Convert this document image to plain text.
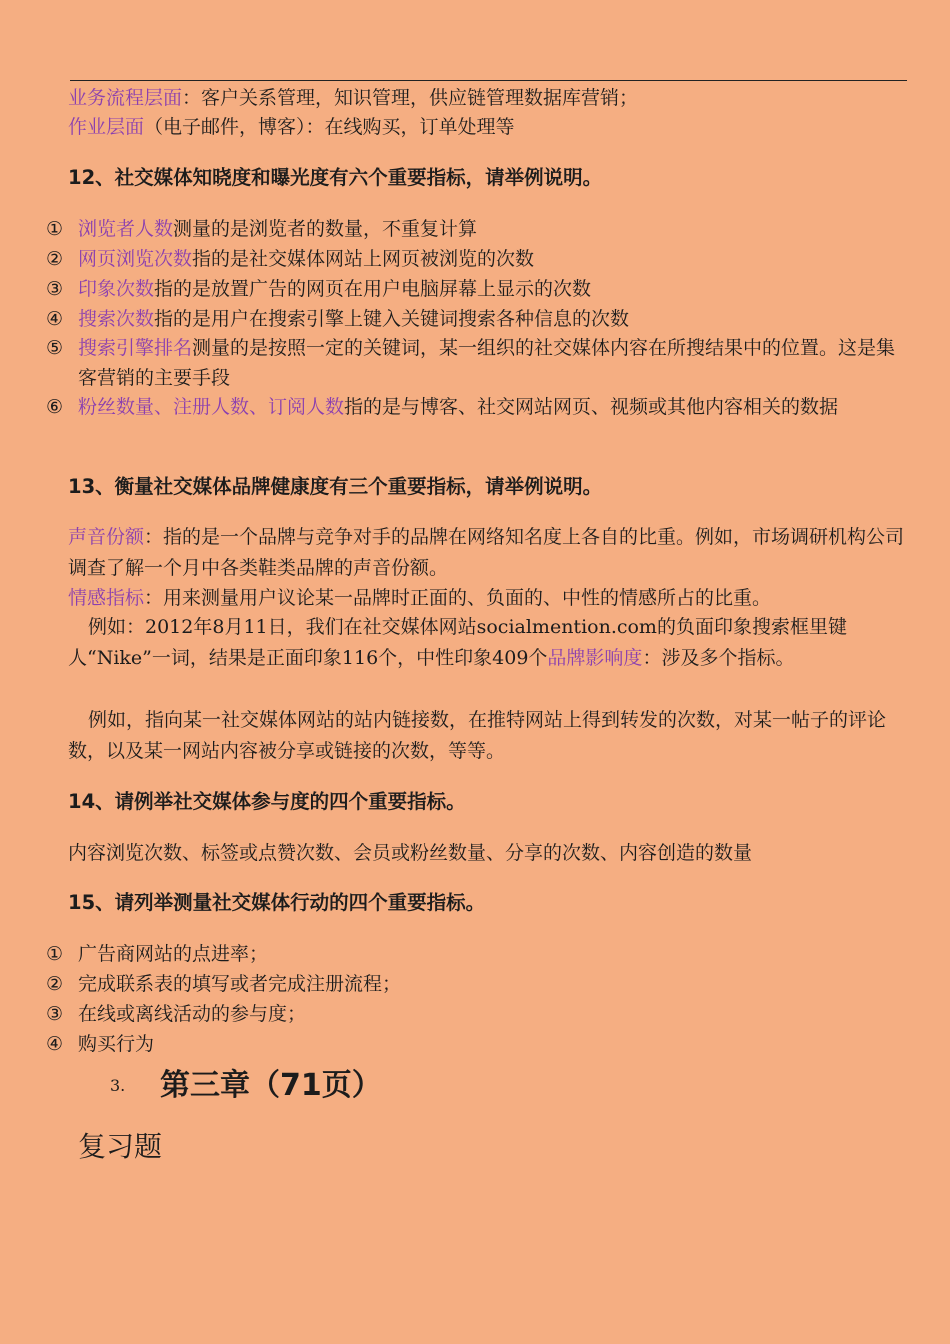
业务流程层面：客户关系管理，知识管理，供应链管理数据库营销；
作业层面（电子邮件，博客）：在线购买，订单处理等
12、社交媒体知晓度和曝光度有六个重要指标，请举例说明。
① 浏览者人数测量的是浏览者的数量，不重复计算
② 网页浏览次数指的是社交媒体网站上网页被浏览的次数
③ 印象次数指的是放置广告的网页在用户电脑屏幕上显示的次数
④ 搜索次数指的是用户在搜索引擎上键入关键词搜索各种信息的次数
⑤ 搜索引擎排名测量的是按照一定的关键词，某一组织的社交媒体内容在所搜结果中的位置。这是集客营销的主要手段
⑥ 粉丝数量、注册人数、订阅人数指的是与博客、社交网站网页、视频或其他内容相关的数据
13、衡量社交媒体品牌健康度有三个重要指标，请举例说明。
声音份额：指的是一个品牌与竞争对手的品牌在网络知名度上各自的比重。例如，市场调研机构公司调查了解一个月中各类鞋类品牌的声音份额。
情感指标：用来测量用户议论某一品牌时正面的、负面的、中性的情感所占的比重。
例如：2012年8月11日，我们在社交媒体网站socialmention.com的负面印象搜索框里键人“Nike”一词，结果是正面印象116个，中性印象409个品牌影响度：涉及多个指标。
例如，指向某一社交媒体网站的站内链接数，在推特网站上得到转发的次数，对某一帖子的评论数，以及某一网站内容被分享或链接的次数，等等。
14、请例举社交媒体参与度的四个重要指标。
内容浏览次数、标签或点赞次数、会员或粉丝数量、分享的次数、内容创造的数量
15、请列举测量社交媒体行动的四个重要指标。
① 广告商网站的点进率；
② 完成联系表的填写或者完成注册流程；
③ 在线或离线活动的参与度；
④ 购买行为
3. 第三章（71页）
复习题
